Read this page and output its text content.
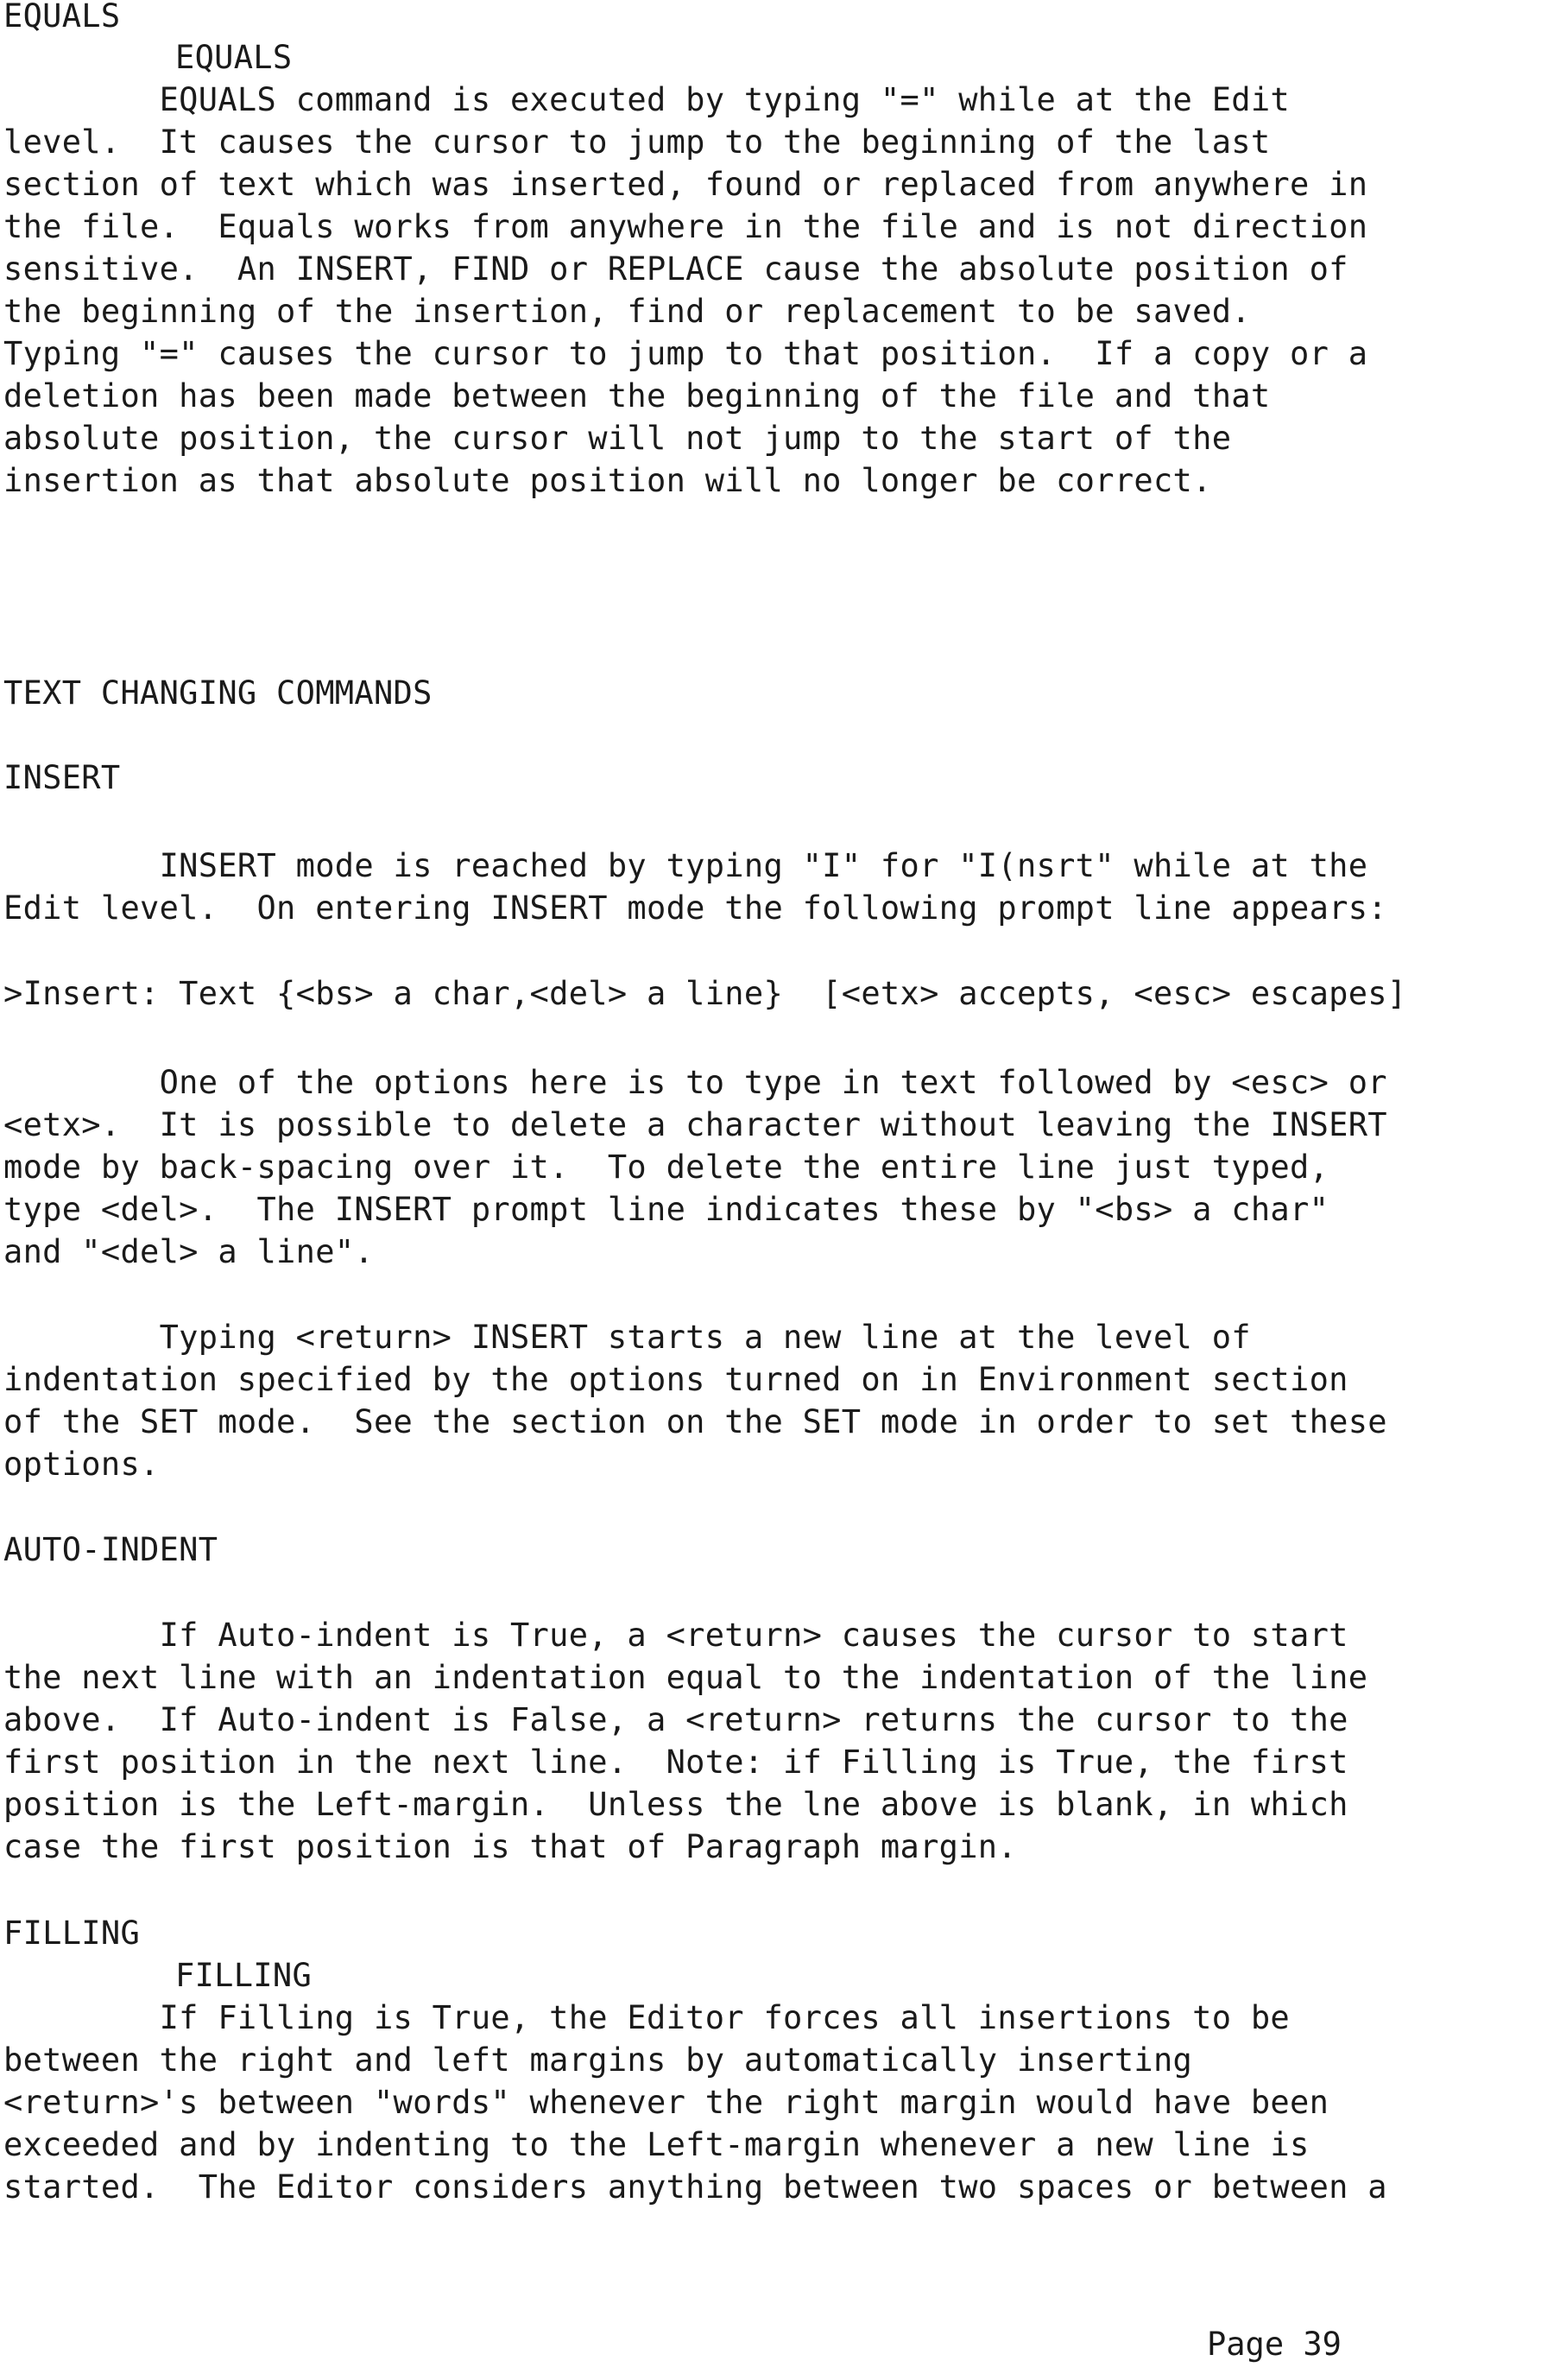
EQUALS
EQUALS
EQUALS command is executed by typing "=" while at the Edit
level.  It causes the cursor to jump to the beginning of the last
section of text which was inserted, found or replaced from anywhere in
the file.  Equals works from anywhere in the file and is not direction
sensitive.  An INSERT, FIND or REPLACE cause the absolute position of
the beginning of the insertion, find or replacement to be saved.
Typing "=" causes the cursor to jump to that position.  If a copy or a
deletion has been made between the beginning of the file and that
absolute position, the cursor will not jump to the start of the
insertion as that absolute position will no longer be correct.
TEXT CHANGING COMMANDS
INSERT
INSERT mode is reached by typing "I" for "I(nsrt" while at the
Edit level.  On entering INSERT mode the following prompt line appears:
>Insert: Text {<bs> a char,<del> a line}  [<etx> accepts, <esc> escapes]
One of the options here is to type in text followed by <esc> or
<etx>.  It is possible to delete a character without leaving the INSERT
mode by back-spacing over it.  To delete the entire line just typed,
type <del>.  The INSERT prompt line indicates these by "<bs> a char"
and "<del> a line".
Typing <return> INSERT starts a new line at the level of
indentation specified by the options turned on in Environment section
of the SET mode.  See the section on the SET mode in order to set these
options.
AUTO-INDENT
If Auto-indent is True, a <return> causes the cursor to start
the next line with an indentation equal to the indentation of the line
above.  If Auto-indent is False, a <return> returns the cursor to the
first position in the next line.  Note: if Filling is True, the first
position is the Left-margin.  Unless the lne above is blank, in which
case the first position is that of Paragraph margin.
FILLING
FILLING
If Filling is True, the Editor forces all insertions to be
between the right and left margins by automatically inserting
<return>'s between "words" whenever the right margin would have been
exceeded and by indenting to the Left-margin whenever a new line is
started.  The Editor considers anything between two spaces or between a
Page 39
